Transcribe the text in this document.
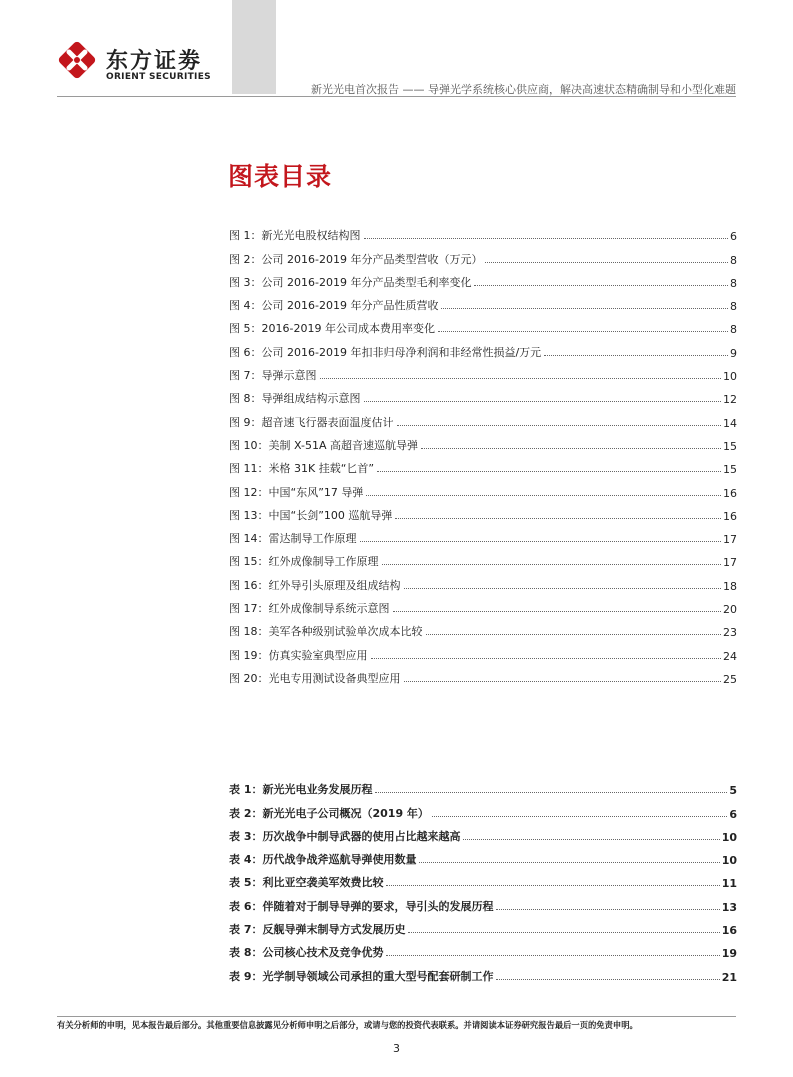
东方证劵
ORIENT SECURITIES
新光光电首次报告 —— 导弹光学系统核心供应商，解决高速状态精确制导和小型化难题
图表目录
图 1：新光光电股权结构图	6
图 2：公司 2016-2019 年分产品类型营收（万元）	8
图 3：公司 2016-2019 年分产品类型毛利率变化	8
图 4：公司 2016-2019 年分产品性质营收	8
图 5：2016-2019 年公司成本费用率变化	8
图 6：公司 2016-2019 年扣非归母净利润和非经常性损益/万元	9
图 7：导弹示意图	10
图 8：导弹组成结构示意图	12
图 9：超音速飞行器表面温度估计	14
图 10：美制 X-51A 高超音速巡航导弹	15
图 11：米格 31K 挂载“匕首”	15
图 12：中国“东风”17 导弹	16
图 13：中国“长剑”100 巡航导弹	16
图 14：雷达制导工作原理	17
图 15：红外成像制导工作原理	17
图 16：红外导引头原理及组成结构	18
图 17：红外成像制导系统示意图	20
图 18：美军各种级别试验单次成本比较	23
图 19：仿真实验室典型应用	24
图 20：光电专用测试设备典型应用	25
表 1：新光光电业务发展历程	5
表 2：新光光电子公司概况（2019 年）	6
表 3：历次战争中制导武器的使用占比越来越高	10
表 4：历代战争战斧巡航导弹使用数量	10
表 5：利比亚空袭美军效费比较	11
表 6：伴随着对于制导导弹的要求，导引头的发展历程	13
表 7：反舰导弹末制导方式发展历史	16
表 8：公司核心技术及竞争优势	19
表 9：光学制导领域公司承担的重大型号配套研制工作	21
有关分析师的申明，见本报告最后部分。其他重要信息披露见分析师申明之后部分，或请与您的投资代表联系。并请阅读本证券研究报告最后一页的免责申明。
3
